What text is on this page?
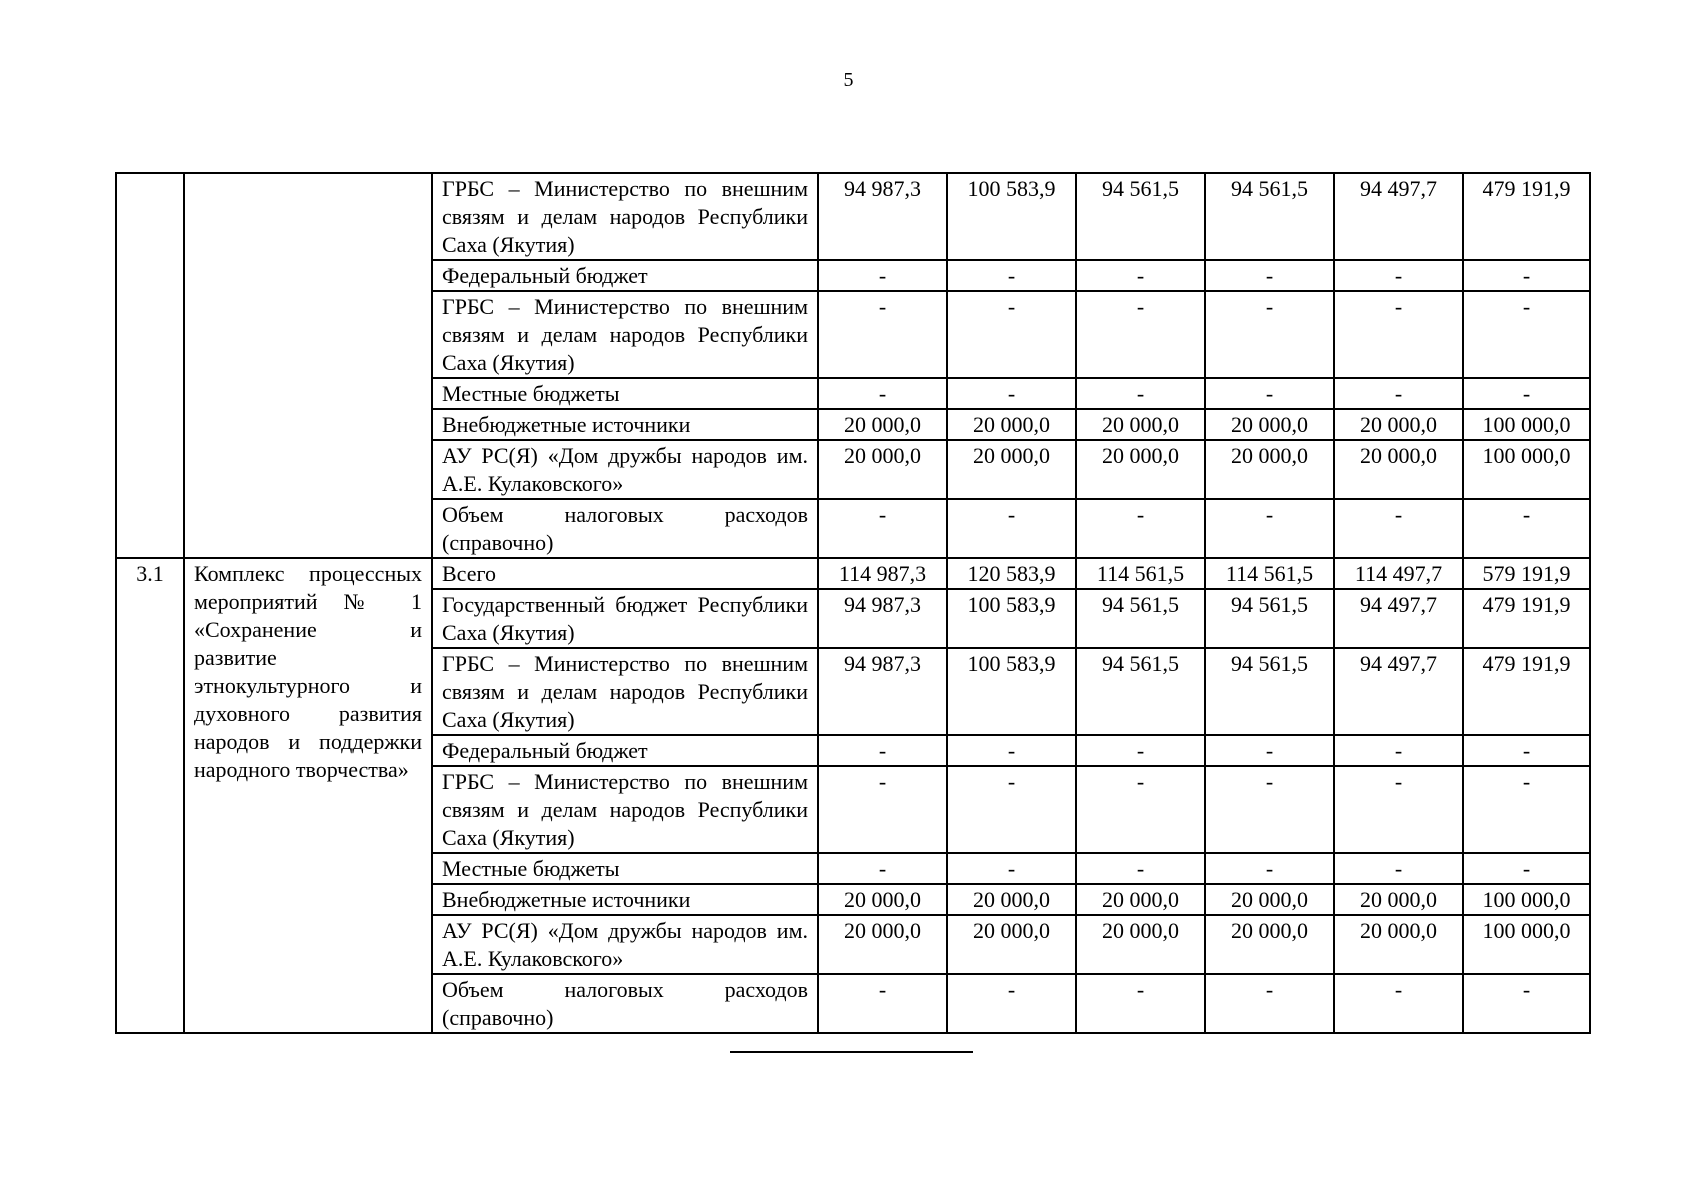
5
		ГРБС – Министерство по внешним связям и делам народов Республики Саха (Якутия)	94 987,3	100 583,9	94 561,5	94 561,5	94 497,7	479 191,9
		Федеральный бюджет	-	-	-	-	-	-
		ГРБС – Министерство по внешним связям и делам народов Республики Саха (Якутия)	-	-	-	-	-	-
		Местные бюджеты	-	-	-	-	-	-
		Внебюджетные источники	20 000,0	20 000,0	20 000,0	20 000,0	20 000,0	100 000,0
		АУ РС(Я) «Дом дружбы народов им. А.Е. Кулаковского»	20 000,0	20 000,0	20 000,0	20 000,0	20 000,0	100 000,0
		Объем налоговых расходов (справочно)	-	-	-	-	-	-
3.1	Комплекс процессных мероприятий № 1 «Сохранение и развитие этнокультурного и духовного развития народов и поддержки народного творчества»	Всего	114 987,3	120 583,9	114 561,5	114 561,5	114 497,7	579 191,9
		Государственный бюджет Республики Саха (Якутия)	94 987,3	100 583,9	94 561,5	94 561,5	94 497,7	479 191,9
		ГРБС – Министерство по внешним связям и делам народов Республики Саха (Якутия)	94 987,3	100 583,9	94 561,5	94 561,5	94 497,7	479 191,9
		Федеральный бюджет	-	-	-	-	-	-
		ГРБС – Министерство по внешним связям и делам народов Республики Саха (Якутия)	-	-	-	-	-	-
		Местные бюджеты	-	-	-	-	-	-
		Внебюджетные источники	20 000,0	20 000,0	20 000,0	20 000,0	20 000,0	100 000,0
		АУ РС(Я) «Дом дружбы народов им. А.Е. Кулаковского»	20 000,0	20 000,0	20 000,0	20 000,0	20 000,0	100 000,0
		Объем налоговых расходов (справочно)	-	-	-	-	-	-
